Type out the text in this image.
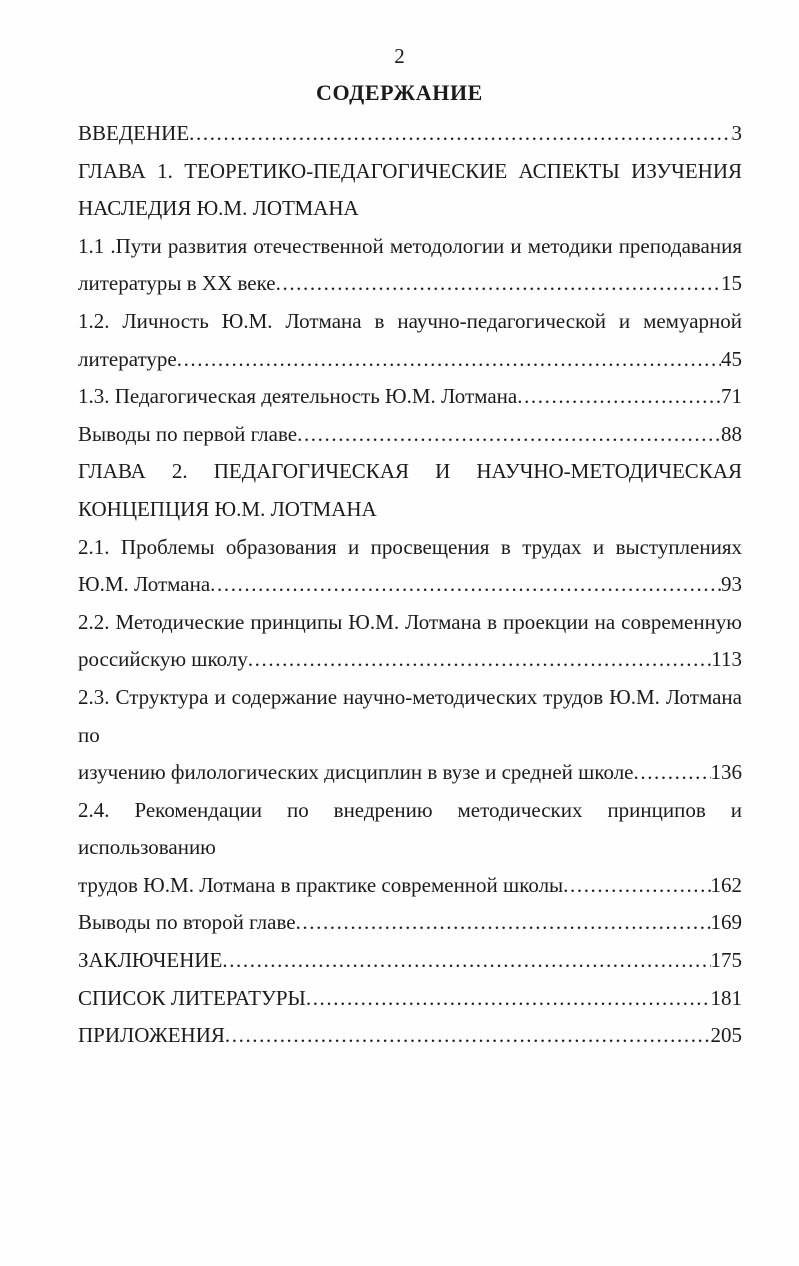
2
СОДЕРЖАНИЕ
ВВЕДЕНИЕ .....	3
ГЛАВА 1. ТЕОРЕТИКО-ПЕДАГОГИЧЕСКИЕ АСПЕКТЫ ИЗУЧЕНИЯ
НАСЛЕДИЯ Ю.М. ЛОТМАНА
1.1 .Пути развития отечественной методологии и методики преподавания
литературы в XX веке .....	15
1.2. Личность Ю.М. Лотмана в научно-педагогической и мемуарной
литературе .....	45
1.3. Педагогическая деятельность Ю.М. Лотмана .....	71
Выводы по первой главе .....	88
ГЛАВА 2. ПЕДАГОГИЧЕСКАЯ И НАУЧНО-МЕТОДИЧЕСКАЯ
КОНЦЕПЦИЯ Ю.М. ЛОТМАНА
2.1. Проблемы образования и просвещения в трудах и выступлениях
Ю.М. Лотмана .....	93
2.2. Методические принципы Ю.М. Лотмана в проекции на современную
российскую школу .....	113
2.3. Структура и содержание научно-методических трудов Ю.М. Лотмана по
изучению филологических дисциплин в вузе и средней школе .....	136
2.4. Рекомендации по внедрению методических принципов и использованию
трудов Ю.М. Лотмана в практике современной школы .....	162
Выводы по второй главе .....	169
ЗАКЛЮЧЕНИЕ .....	175
СПИСОК ЛИТЕРАТУРЫ .....	181
ПРИЛОЖЕНИЯ .....	205
